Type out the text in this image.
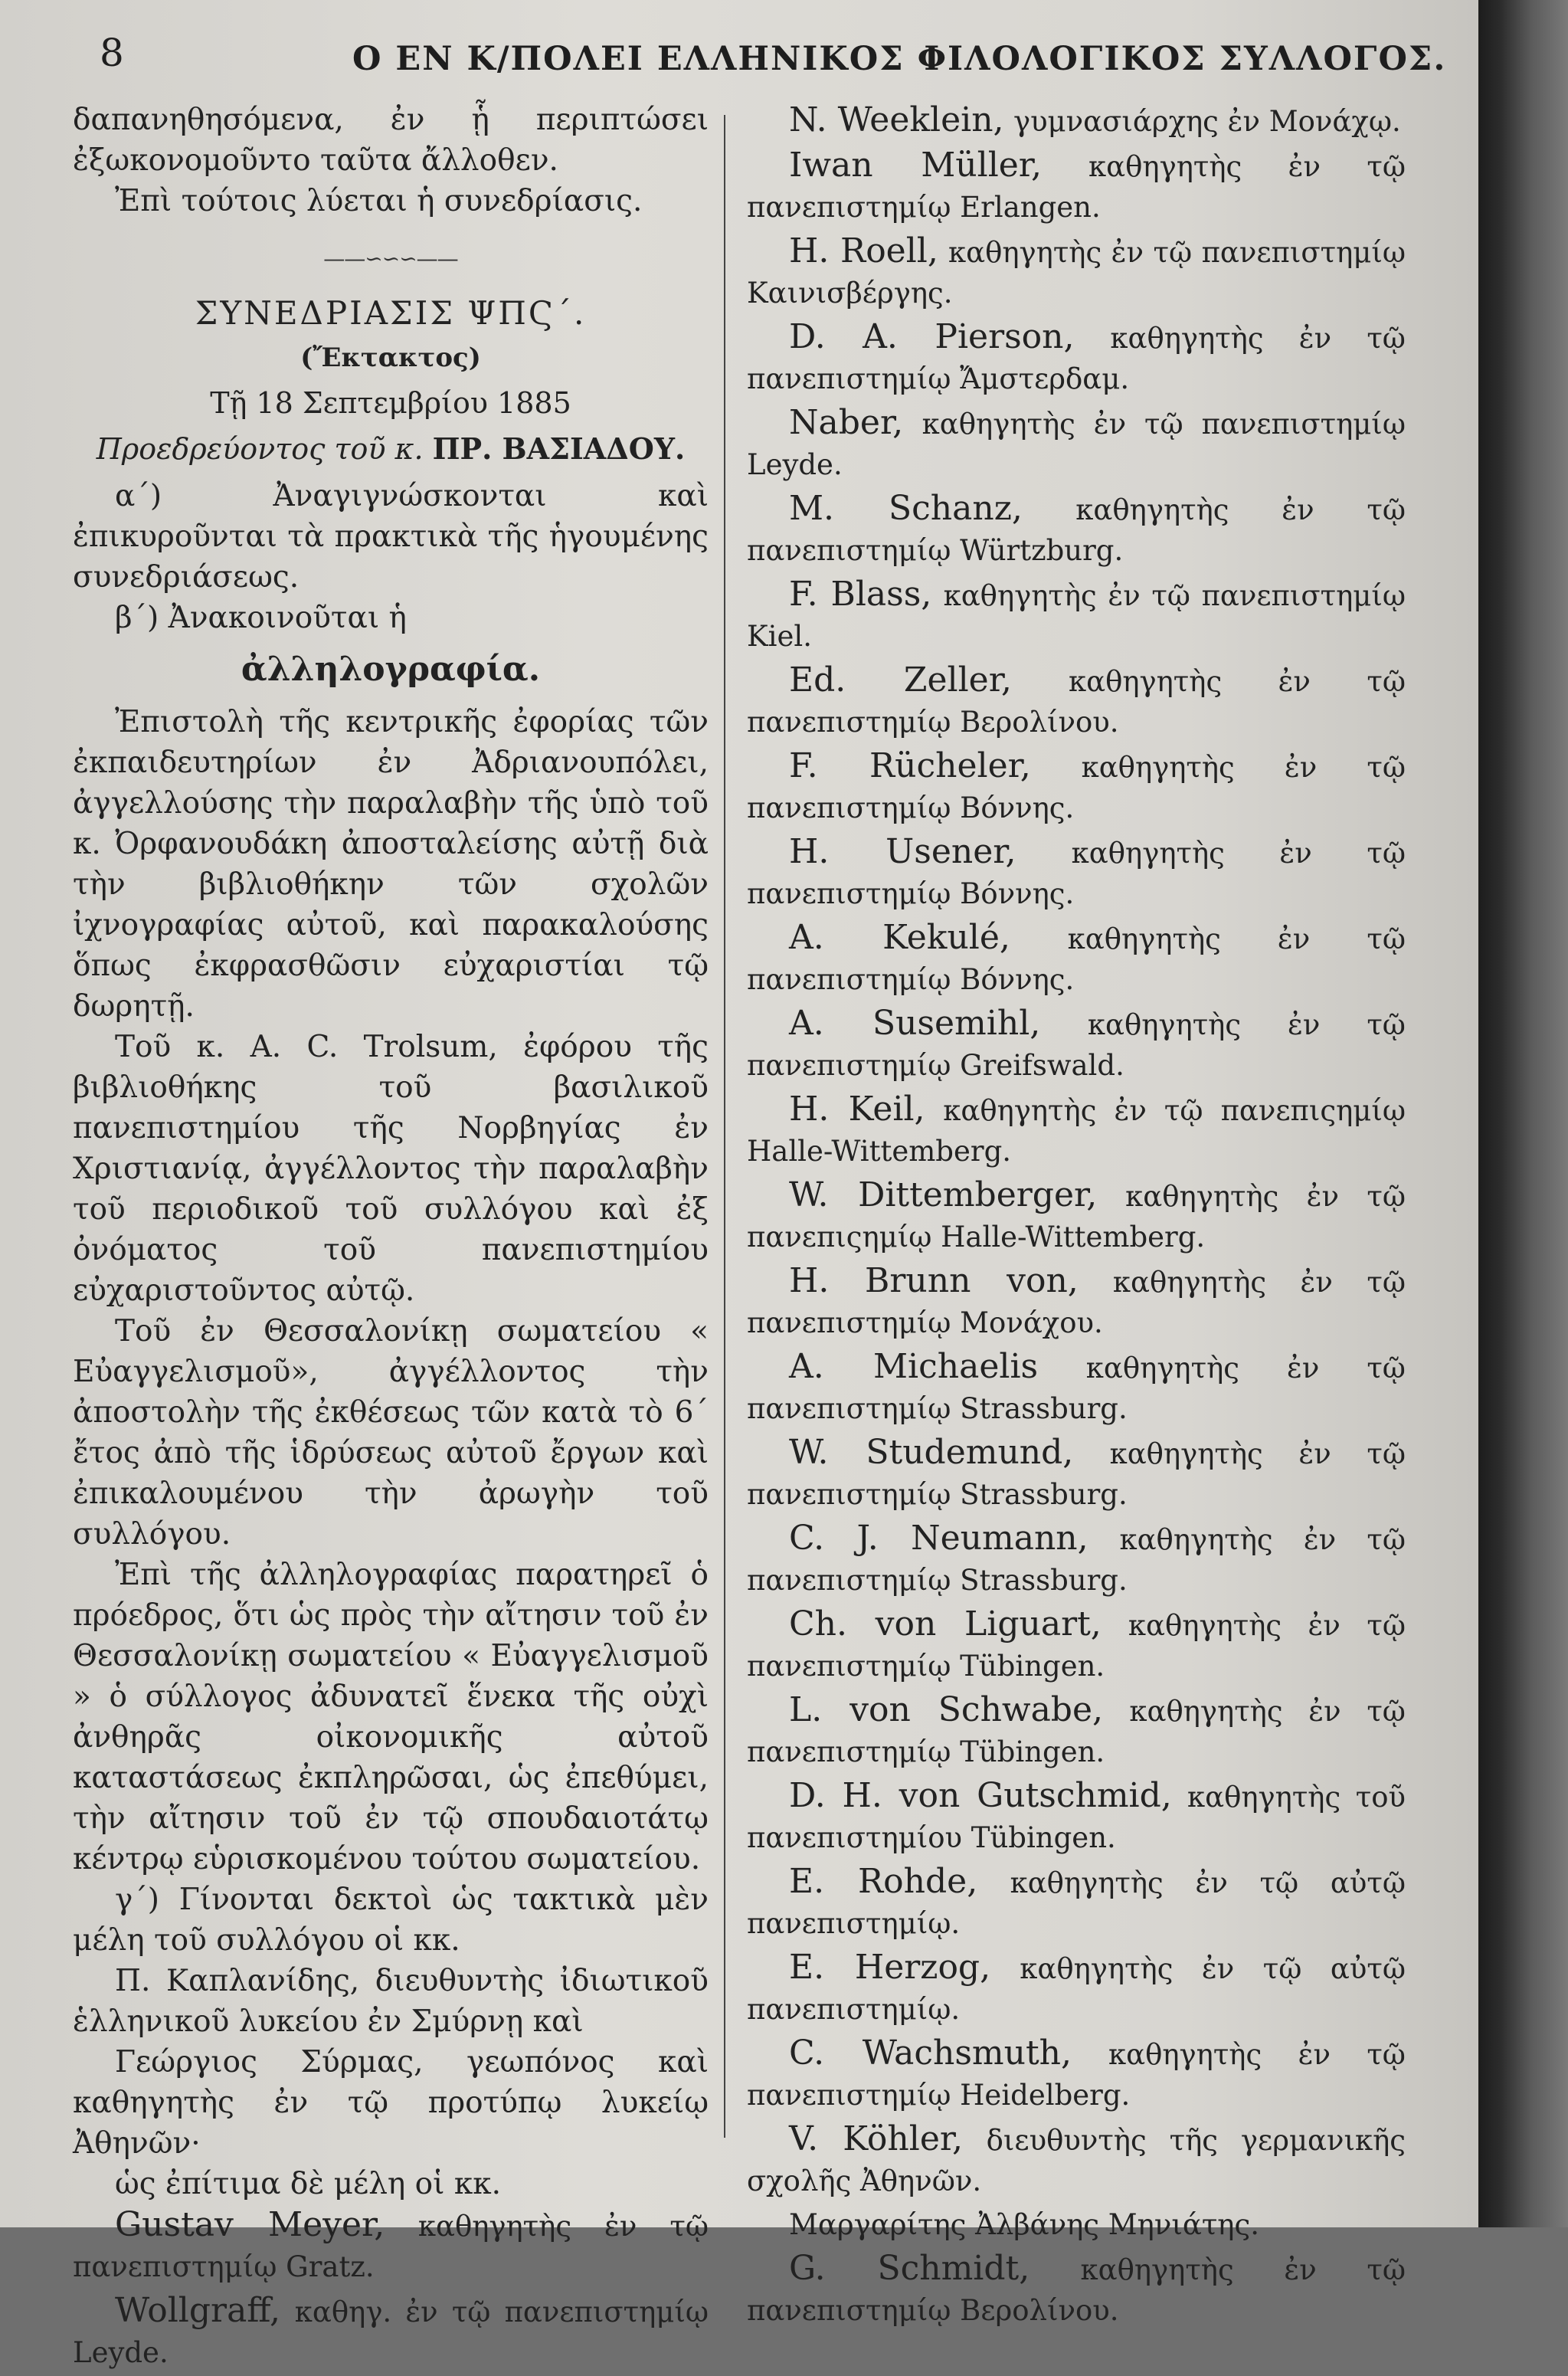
8	Ο ΕΝ Κ/ΠΟΛΕΙ ΕΛΛΗΝΙΚΟΣ ΦΙΛΟΛΟΓΙΚΟΣ ΣΥΛΛΟΓΟΣ.

δαπανηθησόμενα, ἐν ᾗ περιπτώσει ἐξωκονομοῦντο ταῦτα ἄλλοθεν.

Ἐπὶ τούτοις λύεται ἡ συνεδρίασις.

——∽∽∽——
ΣΥΝΕΔΡΙΑΣΙΣ ΨΠϚ΄.
(Ἔκτακτος)
Τῇ 18 Σεπτεμβρίου 1885
Προεδρεύοντος τοῦ κ. ΠΡ. ΒΑΣΙΑΔΟΥ.

α΄) Ἀναγιγνώσκονται καὶ ἐπικυροῦνται τὰ πρακτικὰ τῆς ἡγουμένης συνεδριάσεως.

β΄) Ἀνακοινοῦται ἡ

ἀλληλογραφία.

Ἐπιστολὴ τῆς κεντρικῆς ἐφορίας τῶν ἐκπαιδευτηρίων ἐν Ἀδριανουπόλει, ἀγγελλούσης τὴν παραλαβὴν τῆς ὑπὸ τοῦ κ. Ὀρφανουδάκη ἀποσταλείσης αὐτῇ διὰ τὴν βιβλιοθήκην τῶν σχολῶν ἰχνογραφίας αὐτοῦ, καὶ παρακαλούσης ὅπως ἐκφρασθῶσιν εὐχαριστίαι τῷ δωρητῇ.

Τοῦ κ. A. C. Trolsum, ἐφόρου τῆς βιβλιοθήκης τοῦ βασιλικοῦ πανεπιστημίου τῆς Νορβηγίας ἐν Χριστιανίᾳ, ἀγγέλλοντος τὴν παραλαβὴν τοῦ περιοδικοῦ τοῦ συλλόγου καὶ ἐξ ὀνόματος τοῦ πανεπιστημίου εὐχαριστοῦντος αὐτῷ.

Τοῦ ἐν Θεσσαλονίκῃ σωματείου « Εὐαγγελισμοῦ», ἀγγέλλοντος τὴν ἀποστολὴν τῆς ἐκθέσεως τῶν κατὰ τὸ 6΄ ἔτος ἀπὸ τῆς ἱδρύσεως αὐτοῦ ἔργων καὶ ἐπικαλουμένου τὴν ἀρωγὴν τοῦ συλλόγου.

Ἐπὶ τῆς ἀλληλογραφίας παρατηρεῖ ὁ πρόεδρος, ὅτι ὡς πρὸς τὴν αἴτησιν τοῦ ἐν Θεσσαλονίκῃ σωματείου « Εὐαγγελισμοῦ » ὁ σύλλογος ἀδυνατεῖ ἕνεκα τῆς οὐχὶ ἀνθηρᾶς οἰκονομικῆς αὐτοῦ καταστάσεως ἐκπληρῶσαι, ὡς ἐπεθύμει, τὴν αἴτησιν τοῦ ἐν τῷ σπουδαιοτάτῳ κέντρῳ εὑρισκομένου τούτου σωματείου.

γ΄) Γίνονται δεκτοὶ ὡς τακτικὰ μὲν μέλη τοῦ συλλόγου οἱ κκ.

Π. Καπλανίδης, διευθυντὴς ἰδιωτικοῦ ἑλληνικοῦ λυκείου ἐν Σμύρνῃ καὶ

Γεώργιος Σύρμας, γεωπόνος καὶ καθηγητὴς ἐν τῷ προτύπῳ λυκείῳ Ἀθηνῶν·

ὡς ἐπίτιμα δὲ μέλη οἱ κκ.

Gustav Meyer, καθηγητὴς ἐν τῷ πανεπιστημίῳ Gratz.

Wollgraff, καθηγ. ἐν τῷ πανεπιστημίῳ Leyde.

N. Weeklein, γυμνασιάρχης ἐν Μονάχῳ.

Iwan Müller, καθηγητὴς ἐν τῷ πανεπιστημίῳ Erlangen.

H. Roell, καθηγητὴς ἐν τῷ πανεπιστημίῳ Καινισβέργης.

D. A. Pierson, καθηγητὴς ἐν τῷ πανεπιστημίῳ Ἄμστερδαμ.

Naber, καθηγητὴς ἐν τῷ πανεπιστημίῳ Leyde.

M. Schanz, καθηγητὴς ἐν τῷ πανεπιστημίῳ Würtzburg.

F. Blass, καθηγητὴς ἐν τῷ πανεπιστημίῳ Kiel.

Ed. Zeller, καθηγητὴς ἐν τῷ πανεπιστημίῳ Βερολίνου.

F. Rücheler, καθηγητὴς ἐν τῷ πανεπιστημίῳ Βόννης.

H. Usener, καθηγητὴς ἐν τῷ πανεπιστημίῳ Βόννης.

A. Kekulé, καθηγητὴς ἐν τῷ πανεπιστημίῳ Βόννης.

A. Susemihl, καθηγητὴς ἐν τῷ πανεπιστημίῳ Greifswald.

H. Keil, καθηγητὴς ἐν τῷ πανεπιςημίῳ Halle-Wittemberg.

W. Dittemberger, καθηγητὴς ἐν τῷ πανεπιςημίῳ Halle-Wittemberg.

H. Brunn von, καθηγητὴς ἐν τῷ πανεπιστημίῳ Μονάχου.

A. Michaelis καθηγητὴς ἐν τῷ πανεπιστημίῳ Strassburg.

W. Studemund, καθηγητὴς ἐν τῷ πανεπιστημίῳ Strassburg.

C. J. Neumann, καθηγητὴς ἐν τῷ πανεπιστημίῳ Strassburg.

Ch. von Liguart, καθηγητὴς ἐν τῷ πανεπιστημίῳ Tübingen.

L. von Schwabe, καθηγητὴς ἐν τῷ πανεπιστημίῳ Tübingen.

D. H. von Gutschmid, καθηγητὴς τοῦ πανεπιστημίου Tübingen.

E. Rohde, καθηγητὴς ἐν τῷ αὐτῷ πανεπιστημίῳ.

E. Herzog, καθηγητὴς ἐν τῷ αὐτῷ πανεπιστημίῳ.

C. Wachsmuth, καθηγητὴς ἐν τῷ πανεπιστημίῳ Heidelberg.

V. Köhler, διευθυντὴς τῆς γερμανικῆς σχολῆς Ἀθηνῶν.

Μαργαρίτης Ἀλβάνης Μηνιάτης.

G. Schmidt, καθηγητὴς ἐν τῷ πανεπιστημίῳ Βερολίνου.
